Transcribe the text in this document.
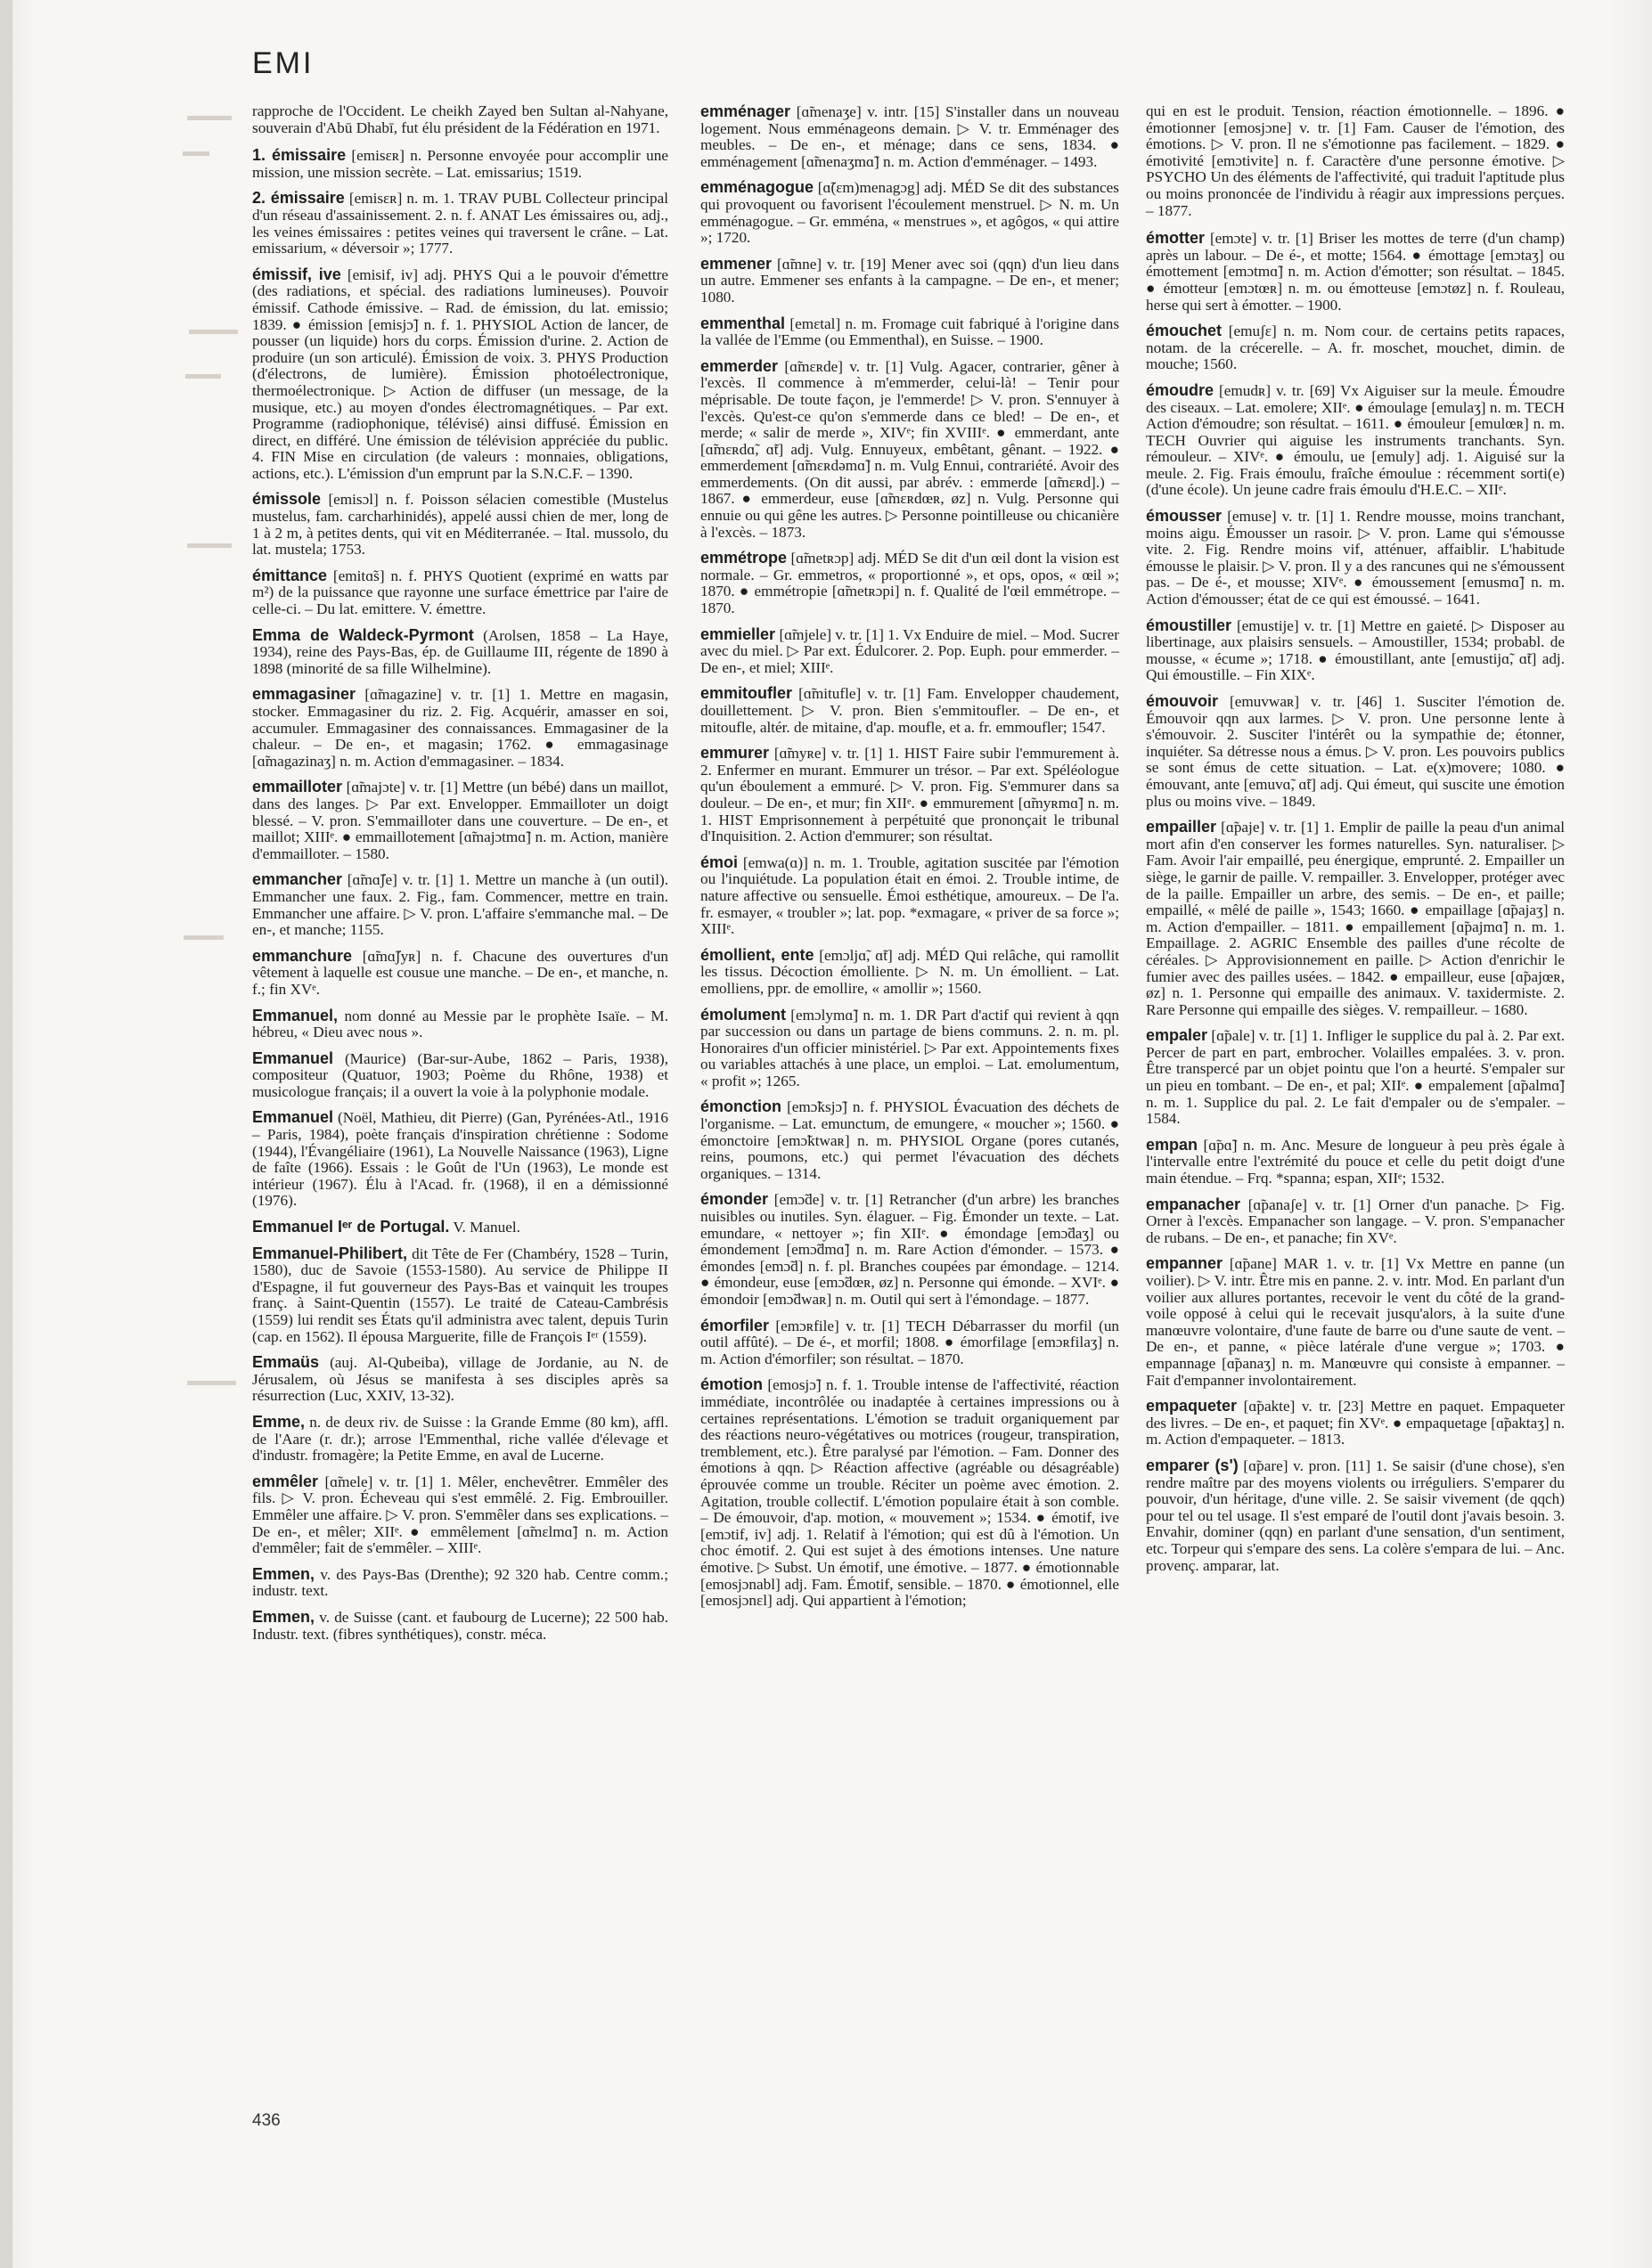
EMI

rapproche de l'Occident. Le cheikh Zayed ben Sultan al-Nahyane, souverain d'Abū Dhabī, fut élu président de la Fédération en 1971.

1. émissaire [emisɛʀ] n. Personne envoyée pour accomplir une mission, une mission secrète. – Lat. emissarius; 1519.

2. émissaire [emisɛʀ] n. m. 1. TRAV PUBL Collecteur principal d'un réseau d'assainissement. 2. n. f. ANAT Les émissaires ou, adj., les veines émissaires : petites veines qui traversent le crâne. – Lat. emissarium, « déversoir »; 1777.

émissif, ive [emisif, iv] adj. PHYS Qui a le pouvoir d'émettre (des radiations, et spécial. des radiations lumineuses). Pouvoir émissif. Cathode émissive. – Rad. de émission, du lat. emissio; 1839. ● émission [emisjɔ̃] n. f. 1. PHYSIOL Action de lancer, de pousser (un liquide) hors du corps. Émission d'urine. 2. Action de produire (un son articulé). Émission de voix. 3. PHYS Production (d'électrons, de lumière). Émission photoélectronique, thermoélectronique. ▷ Action de diffuser (un message, de la musique, etc.) au moyen d'ondes électromagnétiques. – Par ext. Programme (radiophonique, télévisé) ainsi diffusé. Émission en direct, en différé. Une émission de télévision appréciée du public. 4. FIN Mise en circulation (de valeurs : monnaies, obligations, actions, etc.). L'émission d'un emprunt par la S.N.C.F. – 1390.

émissole [emisɔl] n. f. Poisson sélacien comestible (Mustelus mustelus, fam. carcharhinidés), appelé aussi chien de mer, long de 1 à 2 m, à petites dents, qui vit en Méditerranée. – Ital. mussolo, du lat. mustela; 1753.

émittance [emitɑ̃s] n. f. PHYS Quotient (exprimé en watts par m²) de la puissance que rayonne une surface émettrice par l'aire de celle-ci. – Du lat. emittere. V. émettre.

Emma de Waldeck-Pyrmont (Arolsen, 1858 – La Haye, 1934), reine des Pays-Bas, ép. de Guillaume III, régente de 1890 à 1898 (minorité de sa fille Wilhelmine).

emmagasiner [ɑ̃magazine] v. tr. [1] 1. Mettre en magasin, stocker. Emmagasiner du riz. 2. Fig. Acquérir, amasser en soi, accumuler. Emmagasiner des connaissances. Emmagasiner de la chaleur. – De en-, et magasin; 1762. ● emmagasinage [ɑ̃magazinaʒ] n. m. Action d'emmagasiner. – 1834.

emmailloter [ɑ̃majɔte] v. tr. [1] Mettre (un bébé) dans un maillot, dans des langes. ▷ Par ext. Envelopper. Emmailloter un doigt blessé. – V. pron. S'emmailloter dans une couverture. – De en-, et maillot; XIIIᵉ. ● emmaillotement [ɑ̃majɔtmɑ̃] n. m. Action, manière d'emmailloter. – 1580.

emmancher [ɑ̃mɑ̃ʃe] v. tr. [1] 1. Mettre un manche à (un outil). Emmancher une faux. 2. Fig., fam. Commencer, mettre en train. Emmancher une affaire. ▷ V. pron. L'affaire s'emmanche mal. – De en-, et manche; 1155.

emmanchure [ɑ̃mɑ̃ʃyʀ] n. f. Chacune des ouvertures d'un vêtement à laquelle est cousue une manche. – De en-, et manche, n. f.; fin XVᵉ.

Emmanuel, nom donné au Messie par le prophète Isaïe. – M. hébreu, « Dieu avec nous ».

Emmanuel (Maurice) (Bar-sur-Aube, 1862 – Paris, 1938), compositeur (Quatuor, 1903; Poème du Rhône, 1938) et musicologue français; il a ouvert la voie à la polyphonie modale.

Emmanuel (Noël, Mathieu, dit Pierre) (Gan, Pyrénées-Atl., 1916 – Paris, 1984), poète français d'inspiration chrétienne : Sodome (1944), l'Évangéliaire (1961), La Nouvelle Naissance (1963), Ligne de faîte (1966). Essais : le Goût de l'Un (1963), Le monde est intérieur (1967). Élu à l'Acad. fr. (1968), il en a démissionné (1976).

Emmanuel Iᵉʳ de Portugal. V. Manuel.

Emmanuel-Philibert, dit Tête de Fer (Chambéry, 1528 – Turin, 1580), duc de Savoie (1553-1580). Au service de Philippe II d'Espagne, il fut gouverneur des Pays-Bas et vainquit les troupes franç. à Saint-Quentin (1557). Le traité de Cateau-Cambrésis (1559) lui rendit ses États qu'il administra avec talent, depuis Turin (cap. en 1562). Il épousa Marguerite, fille de François Iᵉʳ (1559).

Emmaüs (auj. Al-Qubeiba), village de Jordanie, au N. de Jérusalem, où Jésus se manifesta à ses disciples après sa résurrection (Luc, XXIV, 13-32).

Emme, n. de deux riv. de Suisse : la Grande Emme (80 km), affl. de l'Aare (r. dr.); arrose l'Emmenthal, riche vallée d'élevage et d'industr. fromagère; la Petite Emme, en aval de Lucerne.

emmêler [ɑ̃mele] v. tr. [1] 1. Mêler, enchevêtrer. Emmêler des fils. ▷ V. pron. Écheveau qui s'est emmêlé. 2. Fig. Embrouiller. Emmêler une affaire. ▷ V. pron. S'emmêler dans ses explications. – De en-, et mêler; XIIᵉ. ● emmêlement [ɑ̃mɛlmɑ̃] n. m. Action d'emmêler; fait de s'emmêler. – XIIIᵉ.

Emmen, v. des Pays-Bas (Drenthe); 92 320 hab. Centre comm.; industr. text.

Emmen, v. de Suisse (cant. et faubourg de Lucerne); 22 500 hab. Industr. text. (fibres synthétiques), constr. méca.

emménager [ɑ̃menaʒe] v. intr. [15] S'installer dans un nouveau logement. Nous emménageons demain. ▷ V. tr. Emménager des meubles. – De en-, et ménage; dans ce sens, 1834. ● emménagement [ɑ̃menaʒmɑ̃] n. m. Action d'emménager. – 1493.

emménagogue [ɑ̃(ɛm)menagɔg] adj. MÉD Se dit des substances qui provoquent ou favorisent l'écoulement menstruel. ▷ N. m. Un emménagogue. – Gr. emména, « menstrues », et agôgos, « qui attire »; 1720.

emmener [ɑ̃mne] v. tr. [19] Mener avec soi (qqn) d'un lieu dans un autre. Emmener ses enfants à la campagne. – De en-, et mener; 1080.

emmenthal [emɛtal] n. m. Fromage cuit fabriqué à l'origine dans la vallée de l'Emme (ou Emmenthal), en Suisse. – 1900.

emmerder [ɑ̃mɛʀde] v. tr. [1] Vulg. Agacer, contrarier, gêner à l'excès. Il commence à m'emmerder, celui-là! – Tenir pour méprisable. De toute façon, je l'emmerde! ▷ V. pron. S'ennuyer à l'excès. Qu'est-ce qu'on s'emmerde dans ce bled! – De en-, et merde; « salir de merde », XIVᵉ; fin XVIIIᵉ. ● emmerdant, ante [ɑ̃mɛʀdɑ̃, ɑ̃t] adj. Vulg. Ennuyeux, embêtant, gênant. – 1922. ● emmerdement [ɑ̃mɛʀdəmɑ̃] n. m. Vulg Ennui, contrariété. Avoir des emmerdements. (On dit aussi, par abrév. : emmerde [ɑ̃mɛʀd].) – 1867. ● emmerdeur, euse [ɑ̃mɛʀdœʀ, øz] n. Vulg. Personne qui ennuie ou qui gêne les autres. ▷ Personne pointilleuse ou chicanière à l'excès. – 1873.

emmétrope [ɑ̃metʀɔp] adj. MÉD Se dit d'un œil dont la vision est normale. – Gr. emmetros, « proportionné », et ops, opos, « œil »; 1870. ● emmétropie [ɑ̃metʀɔpi] n. f. Qualité de l'œil emmétrope. – 1870.

emmieller [ɑ̃mjele] v. tr. [1] 1. Vx Enduire de miel. – Mod. Sucrer avec du miel. ▷ Par ext. Édulcorer. 2. Pop. Euph. pour emmerder. – De en-, et miel; XIIIᵉ.

emmitoufler [ɑ̃mitufle] v. tr. [1] Fam. Envelopper chaudement, douillettement. ▷ V. pron. Bien s'emmitoufler. – De en-, et mitoufle, altér. de mitaine, d'ap. moufle, et a. fr. emmoufler; 1547.

emmurer [ɑ̃myʀe] v. tr. [1] 1. HIST Faire subir l'emmurement à. 2. Enfermer en murant. Emmurer un trésor. – Par ext. Spéléologue qu'un éboulement a emmuré. ▷ V. pron. Fig. S'emmurer dans sa douleur. – De en-, et mur; fin XIIᵉ. ● emmurement [ɑ̃myʀmɑ̃] n. m. 1. HIST Emprisonnement à perpétuité que prononçait le tribunal d'Inquisition. 2. Action d'emmurer; son résultat.

émoi [emwa(ɑ)] n. m. 1. Trouble, agitation suscitée par l'émotion ou l'inquiétude. La population était en émoi. 2. Trouble intime, de nature affective ou sensuelle. Émoi esthétique, amoureux. – De l'a. fr. esmayer, « troubler »; lat. pop. *exmagare, « priver de sa force »; XIIIᵉ.

émollient, ente [emɔljɑ̃, ɑ̃t] adj. MÉD Qui relâche, qui ramollit les tissus. Décoction émolliente. ▷ N. m. Un émollient. – Lat. emolliens, ppr. de emollire, « amollir »; 1560.

émolument [emɔlymɑ̃] n. m. 1. DR Part d'actif qui revient à qqn par succession ou dans un partage de biens communs. 2. n. m. pl. Honoraires d'un officier ministériel. ▷ Par ext. Appointements fixes ou variables attachés à une place, un emploi. – Lat. emolumentum, « profit »; 1265.

émonction [emɔ̃ksjɔ̃] n. f. PHYSIOL Évacuation des déchets de l'organisme. – Lat. emunctum, de emungere, « moucher »; 1560. ● émonctoire [emɔ̃ktwaʀ] n. m. PHYSIOL Organe (pores cutanés, reins, poumons, etc.) qui permet l'évacuation des déchets organiques. – 1314.

émonder [emɔ̃de] v. tr. [1] Retrancher (d'un arbre) les branches nuisibles ou inutiles. Syn. élaguer. – Fig. Émonder un texte. – Lat. emundare, « nettoyer »; fin XIIᵉ. ● émondage [emɔ̃daʒ] ou émondement [emɔ̃dmɑ̃] n. m. Rare Action d'émonder. – 1573. ● émondes [emɔ̃d] n. f. pl. Branches coupées par émondage. – 1214. ● émondeur, euse [emɔ̃dœʀ, øz] n. Personne qui émonde. – XVIᵉ. ● émondoir [emɔ̃dwaʀ] n. m. Outil qui sert à l'émondage. – 1877.

émorfiler [emɔʀfile] v. tr. [1] TECH Débarrasser du morfil (un outil affûté). – De é-, et morfil; 1808. ● émorfilage [emɔʀfilaʒ] n. m. Action d'émorfiler; son résultat. – 1870.

émotion [emosjɔ̃] n. f. 1. Trouble intense de l'affectivité, réaction immédiate, incontrôlée ou inadaptée à certaines impressions ou à certaines représentations. L'émotion se traduit organiquement par des réactions neuro-végétatives ou motrices (rougeur, transpiration, tremblement, etc.). Être paralysé par l'émotion. – Fam. Donner des émotions à qqn. ▷ Réaction affective (agréable ou désagréable) éprouvée comme un trouble. Réciter un poème avec émotion. 2. Agitation, trouble collectif. L'émotion populaire était à son comble. – De émouvoir, d'ap. motion, « mouvement »; 1534. ● émotif, ive [emɔtif, iv] adj. 1. Relatif à l'émotion; qui est dû à l'émotion. Un choc émotif. 2. Qui est sujet à des émotions intenses. Une nature émotive. ▷ Subst. Un émotif, une émotive. – 1877. ● émotionnable [emosjɔnabl] adj. Fam. Émotif, sensible. – 1870. ● émotionnel, elle [emosjɔnɛl] adj. Qui appartient à l'émotion;

qui en est le produit. Tension, réaction émotionnelle. – 1896. ● émotionner [emosjɔne] v. tr. [1] Fam. Causer de l'émotion, des émotions. ▷ V. pron. Il ne s'émotionne pas facilement. – 1829. ● émotivité [emɔtivite] n. f. Caractère d'une personne émotive. ▷ PSYCHO Un des éléments de l'affectivité, qui traduit l'aptitude plus ou moins prononcée de l'individu à réagir aux impressions perçues. – 1877.

émotter [emɔte] v. tr. [1] Briser les mottes de terre (d'un champ) après un labour. – De é-, et motte; 1564. ● émottage [emɔtaʒ] ou émottement [emɔtmɑ̃] n. m. Action d'émotter; son résultat. – 1845. ● émotteur [emɔtœʀ] n. m. ou émotteuse [emɔtøz] n. f. Rouleau, herse qui sert à émotter. – 1900.

émouchet [emuʃɛ] n. m. Nom cour. de certains petits rapaces, notam. de la crécerelle. – A. fr. moschet, mouchet, dimin. de mouche; 1560.

émoudre [emudʀ] v. tr. [69] Vx Aiguiser sur la meule. Émoudre des ciseaux. – Lat. emolere; XIIᵉ. ● émoulage [emulaʒ] n. m. TECH Action d'émoudre; son résultat. – 1611. ● émouleur [emulœʀ] n. m. TECH Ouvrier qui aiguise les instruments tranchants. Syn. rémouleur. – XIVᵉ. ● émoulu, ue [emuly] adj. 1. Aiguisé sur la meule. 2. Fig. Frais émoulu, fraîche émoulue : récemment sorti(e) (d'une école). Un jeune cadre frais émoulu d'H.E.C. – XIIᵉ.

émousser [emuse] v. tr. [1] 1. Rendre mousse, moins tranchant, moins aigu. Émousser un rasoir. ▷ V. pron. Lame qui s'émousse vite. 2. Fig. Rendre moins vif, atténuer, affaiblir. L'habitude émousse le plaisir. ▷ V. pron. Il y a des rancunes qui ne s'émoussent pas. – De é-, et mousse; XIVᵉ. ● émoussement [emusmɑ̃] n. m. Action d'émousser; état de ce qui est émoussé. – 1641.

émoustiller [emustije] v. tr. [1] Mettre en gaieté. ▷ Disposer au libertinage, aux plaisirs sensuels. – Amoustiller, 1534; probabl. de mousse, « écume »; 1718. ● émoustillant, ante [emustijɑ̃, ɑ̃t] adj. Qui émoustille. – Fin XIXᵉ.

émouvoir [emuvwaʀ] v. tr. [46] 1. Susciter l'émotion de. Émouvoir qqn aux larmes. ▷ V. pron. Une personne lente à s'émouvoir. 2. Susciter l'intérêt ou la sympathie de; étonner, inquiéter. Sa détresse nous a émus. ▷ V. pron. Les pouvoirs publics se sont émus de cette situation. – Lat. e(x)movere; 1080. ● émouvant, ante [emuvɑ̃, ɑ̃t] adj. Qui émeut, qui suscite une émotion plus ou moins vive. – 1849.

empailler [ɑ̃paje] v. tr. [1] 1. Emplir de paille la peau d'un animal mort afin d'en conserver les formes naturelles. Syn. naturaliser. ▷ Fam. Avoir l'air empaillé, peu énergique, emprunté. 2. Empailler un siège, le garnir de paille. V. rempailler. 3. Envelopper, protéger avec de la paille. Empailler un arbre, des semis. – De en-, et paille; empaillé, « mêlé de paille », 1543; 1660. ● empaillage [ɑ̃pajaʒ] n. m. Action d'empailler. – 1811. ● empaillement [ɑ̃pajmɑ̃] n. m. 1. Empaillage. 2. AGRIC Ensemble des pailles d'une récolte de céréales. ▷ Approvisionnement en paille. ▷ Action d'enrichir le fumier avec des pailles usées. – 1842. ● empailleur, euse [ɑ̃pajœʀ, øz] n. 1. Personne qui empaille des animaux. V. taxidermiste. 2. Rare Personne qui empaille des sièges. V. rempailleur. – 1680.

empaler [ɑ̃pale] v. tr. [1] 1. Infliger le supplice du pal à. 2. Par ext. Percer de part en part, embrocher. Volailles empalées. 3. v. pron. Être transpercé par un objet pointu que l'on a heurté. S'empaler sur un pieu en tombant. – De en-, et pal; XIIᵉ. ● empalement [ɑ̃palmɑ̃] n. m. 1. Supplice du pal. 2. Le fait d'empaler ou de s'empaler. – 1584.

empan [ɑ̃pɑ̃] n. m. Anc. Mesure de longueur à peu près égale à l'intervalle entre l'extrémité du pouce et celle du petit doigt d'une main étendue. – Frq. *spanna; espan, XIIᵉ; 1532.

empanacher [ɑ̃panaʃe] v. tr. [1] Orner d'un panache. ▷ Fig. Orner à l'excès. Empanacher son langage. – V. pron. S'empanacher de rubans. – De en-, et panache; fin XVᵉ.

empanner [ɑ̃pane] MAR 1. v. tr. [1] Vx Mettre en panne (un voilier). ▷ V. intr. Être mis en panne. 2. v. intr. Mod. En parlant d'un voilier aux allures portantes, recevoir le vent du côté de la grand-voile opposé à celui qui le recevait jusqu'alors, à la suite d'une manœuvre volontaire, d'une faute de barre ou d'une saute de vent. – De en-, et panne, « pièce latérale d'une vergue »; 1703. ● empannage [ɑ̃panaʒ] n. m. Manœuvre qui consiste à empanner. – Fait d'empanner involontairement.

empaqueter [ɑ̃pakte] v. tr. [23] Mettre en paquet. Empaqueter des livres. – De en-, et paquet; fin XVᵉ. ● empaquetage [ɑ̃paktaʒ] n. m. Action d'empaqueter. – 1813.

emparer (s') [ɑ̃pare] v. pron. [11] 1. Se saisir (d'une chose), s'en rendre maître par des moyens violents ou irréguliers. S'emparer du pouvoir, d'un héritage, d'une ville. 2. Se saisir vivement (de qqch) pour tel ou tel usage. Il s'est emparé de l'outil dont j'avais besoin. 3. Envahir, dominer (qqn) en parlant d'une sensation, d'un sentiment, etc. Torpeur qui s'empare des sens. La colère s'empara de lui. – Anc. provenç. amparar, lat.

436
